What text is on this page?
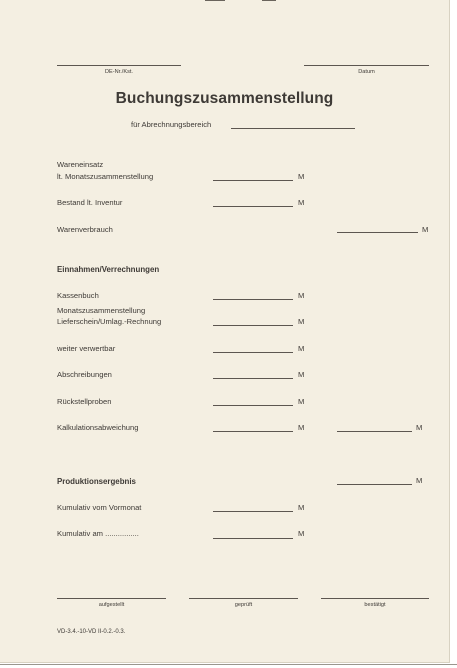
DE-Nr./Kst.	Datum
Buchungszusammenstellung
für Abrechnungsbereich
Wareneinsatz
lt. Monatszusammenstellung	M
Bestand lt. Inventur	M
Warenverbrauch	M
Einnahmen/Verrechnungen
Kassenbuch	M
Monatszusammenstellung
Lieferschein/Umlag.-Rechnung	M
weiter verwertbar	M
Abschreibungen	M
Rückstellproben	M
Kalkulationsabweichung	M	M
Produktionsergebnis	M
Kumulativ vom Vormonat	M
Kumulativ am ................	M
aufgestellt	geprüft	bestätigt
VD-3.4.-10-VD II-0.2.-0.3.
